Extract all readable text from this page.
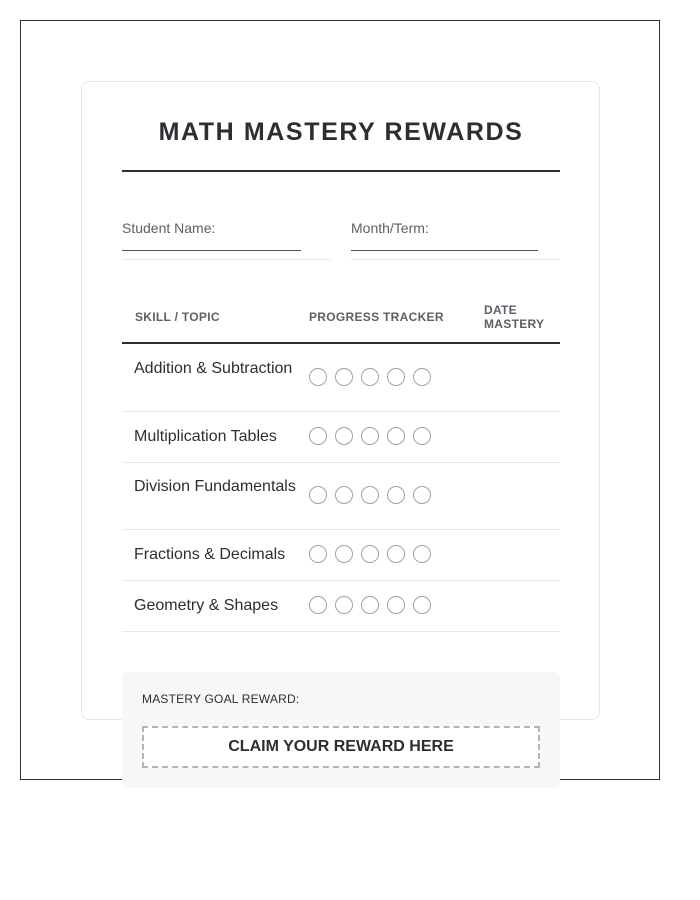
MATH MASTERY REWARDS
Student Name:	Month/Term:
SKILL / TOPIC	PROGRESS TRACKER	DATE MASTERY
Addition & Subtraction
Multiplication Tables
Division Fundamentals
Fractions & Decimals
Geometry & Shapes
MASTERY GOAL REWARD:
CLAIM YOUR REWARD HERE
